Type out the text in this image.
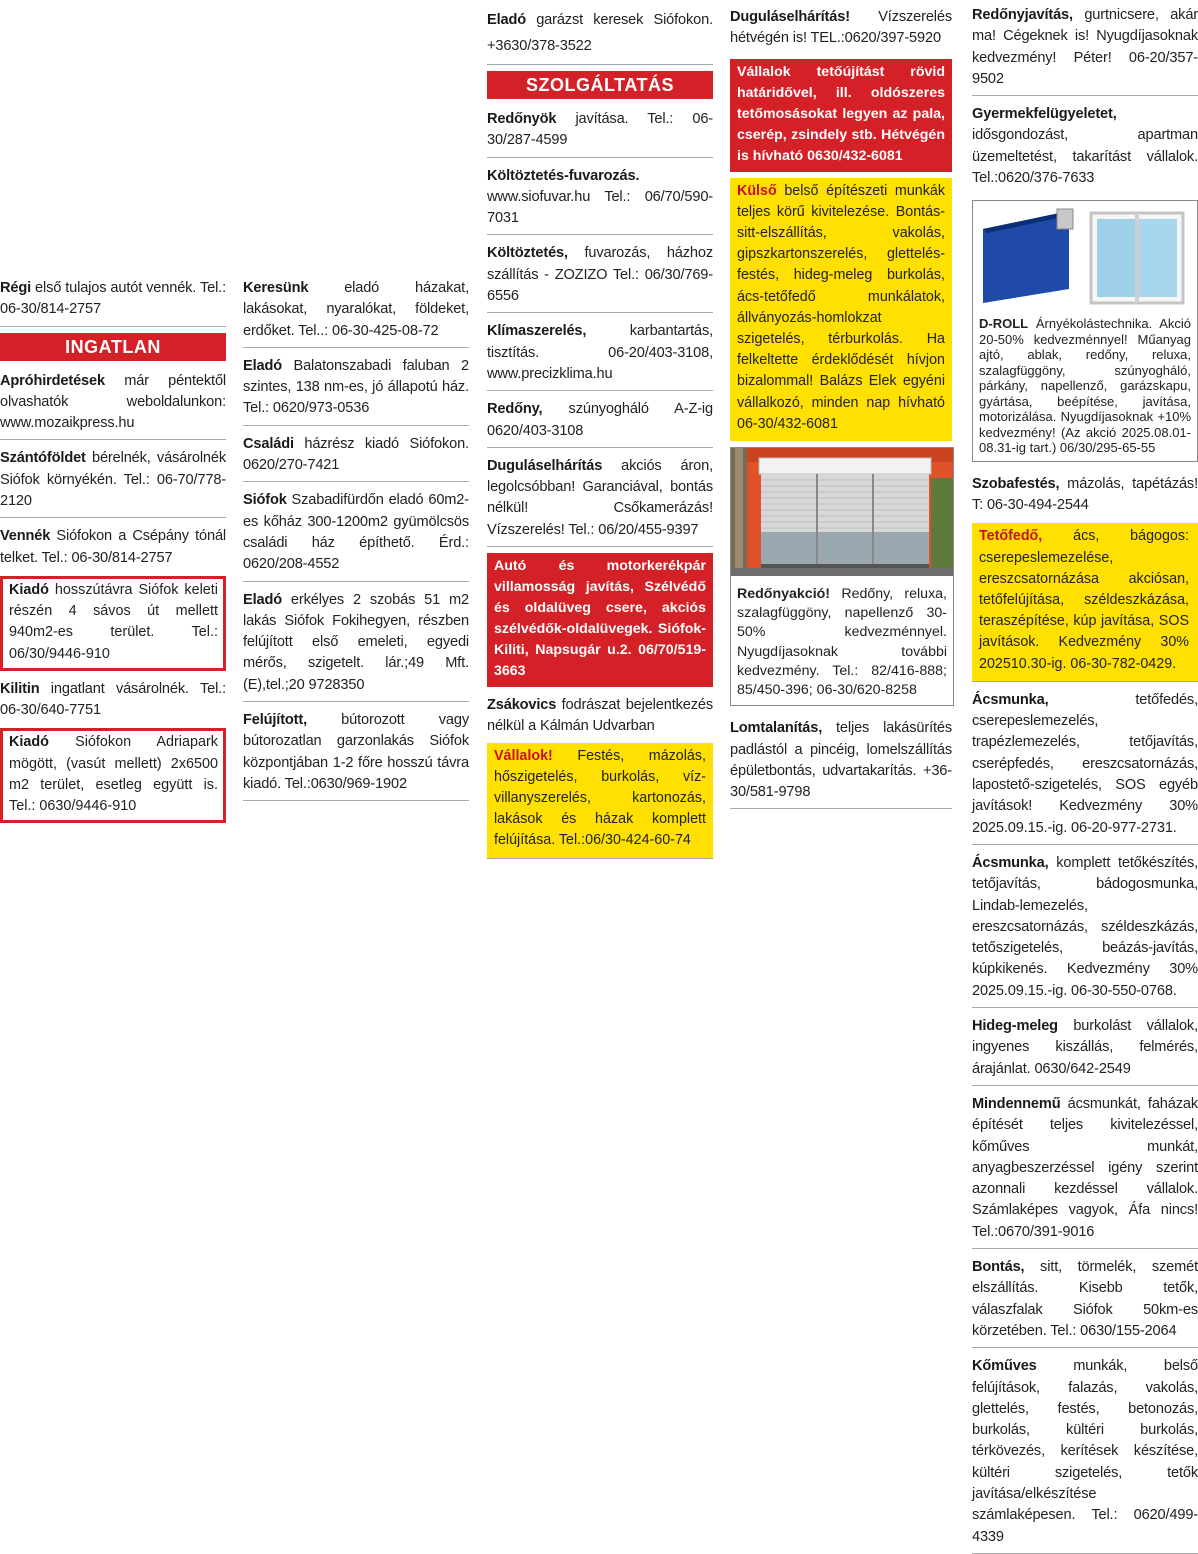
Régi első tulajos autót vennék. Tel.: 06-30/814-2757
INGATLAN
Apróhirdetések már péntektől olvashatók weboldalunkon: www.mozaikpress.hu
Szántóföldet bérelnék, vásárolnék Siófok környékén. Tel.: 06-70/778-2120
Vennék Siófokon a Csépány tónál telket. Tel.: 06-30/814-2757
Kiadó hosszútávra Siófok keleti részén 4 sávos út mellett 940m2-es terület. Tel.: 06/30/9446-910
Kilitin ingatlant vásárolnék. Tel.: 06-30/640-7751
Kiadó Siófokon Adriapark mögött, (vasút mellett) 2x6500 m2 terület, esetleg együtt is. Tel.: 0630/9446-910
Keresünk eladó házakat, lakásokat, nyaralókat, földeket, erdőket. Tel..: 06-30-425-08-72
Eladó Balatonszabadi faluban 2 szintes, 138 nm-es, jó állapotú ház. Tel.: 0620/973-0536
Családi házrész kiadó Siófokon. 0620/270-7421
Siófok Szabadifürdőn eladó 60m2-es kőház 300-1200m2 gyümölcsös családi ház építhető. Érd.: 0620/208-4552
Eladó erkélyes 2 szobás 51 m2 lakás Siófok Fokihegyen, részben felújított első emeleti, egyedi mérős, szigetelt. lár.;49 Mft. (E),tel.;20 9728350
Felújított, bútorozott vagy bútorozatlan garzonlakás Siófok központjában 1-2 főre hosszú távra kiadó. Tel.:0630/969-1902
Eladó garázst keresek Siófokon. +3630/378-3522
SZOLGÁLTATÁS
Redőnyök javítása. Tel.: 06-30/287-4599
Költöztetés-fuvarozás. www.siofuvar.hu Tel.: 06/70/590-7031
Költöztetés, fuvarozás, házhoz szállítás - ZOZIZO Tel.: 06/30/769-6556
Klímaszerelés, karbantartás, tisztítás. 06-20/403-3108, www.precizklima.hu
Redőny, szúnyogháló A-Z-ig 0620/403-3108
Duguláselhárítás akciós áron, legolcsóbban! Garanciával, bontás nélkül! Csőkamerázás! Vízszerelés! Tel.: 06/20/455-9397
Autó és motorkerékpár villamosság javítás, Szélvédő és oldalüveg csere, akciós szélvédők-oldalüvegek. Siófok-Kiliti, Napsugár u.2. 06/70/519-3663
Zsákovics fodrászat bejelentkezés nélkül a Kálmán Udvarban
Vállalok! Festés, mázolás, hőszigetelés, burkolás, víz-villanyszerelés, kartonozás, lakások és házak komplett felújítása. Tel.:06/30-424-60-74
Duguláselhárítás! Vízszerelés hétvégén is! TEL.:0620/397-5920
Vállalok tetőújítást rövid határidővel, ill. oldószeres tetőmosásokat legyen az pala, cserép, zsindely stb. Hétvégén is hívható 0630/432-6081
Külső belső építészeti munkák teljes körű kivitelezése. Bontás-sitt-elszállítás, vakolás, gipszkartonszerelés, glettelés-festés, hideg-meleg burkolás, ács-tetőfedő munkálatok, állványozás-homlokzat szigetelés, térburkolás. Ha felkeltette érdeklődését hívjon bizalommal! Balázs Elek egyéni vállalkozó, minden nap hívható 06-30/432-6081
Redőnyakció! Redőny, reluxa, szalagfüggöny, napellenző 30-50% kedvezménnyel. Nyugdíjasoknak további kedvezmény. Tel.: 82/416-888; 85/450-396; 06-30/620-8258
Lomtalanítás, teljes lakásürítés padlástól a pincéig, lomelszállítás épületbontás, udvartakarítás. +36-30/581-9798
Redőnyjavítás, gurtnicsere, akár ma! Cégeknek is! Nyugdíjasoknak kedvezmény! Péter! 06-20/357-9502
Gyermekfelügyeletet, idősgondozást, apartman üzemeltetést, takarítást vállalok. Tel.:0620/376-7633
D-ROLL Árnyékolástechnika. Akció 20-50% kedvezménnyel! Műanyag ajtó, ablak, redőny, reluxa, szalagfüggöny, szúnyogháló, párkány, napellenző, garázskapu, gyártása, beépítése, javítása, motorizálása. Nyugdíjasoknak +10% kedvezmény! (Az akció 2025.08.01-08.31-ig tart.) 06/30/295-65-55
Szobafestés, mázolás, tapétázás! T: 06-30-494-2544
Tetőfedő, ács, bágogos: cserepeslemezelése, ereszcsatornázása akciósan, tetőfelújítása, széldeszkázása, teraszépítése, kúp javítása, SOS javítások. Kedvezmény 30% 202510.30-ig. 06-30-782-0429.
Ácsmunka, tetőfedés, cserepeslemezelés, trapézlemezelés, tetőjavítás, cserépfedés, ereszcsatornázás, lapostető-szigetelés, SOS egyéb javítások! Kedvezmény 30% 2025.09.15.-ig. 06-20-977-2731.
Ácsmunka, komplett tetőkészítés, tetőjavítás, bádogosmunka, Lindab-lemezelés, ereszcsatornázás, széldeszkázás, tetőszigetelés, beázás-javítás, kúpkikenés. Kedvezmény 30% 2025.09.15.-ig. 06-30-550-0768.
Hideg-meleg burkolást vállalok, ingyenes kiszállás, felmérés, árajánlat. 0630/642-2549
Mindennemű ácsmunkát, faházak építését teljes kivitelezéssel, kőműves munkát, anyagbeszerzéssel igény szerint azonnali kezdéssel vállalok. Számlaképes vagyok, Áfa nincs! Tel.:0670/391-9016
Bontás, sitt, törmelék, szemét elszállítás. Kisebb tetők, válaszfalak Siófok 50km-es körzetében. Tel.: 0630/155-2064
Kőműves munkák, belső felújítások, falazás, vakolás, glettelés, festés, betonozás, burkolás, kültéri burkolás, térkövezés, kerítések készítése, kültéri szigetelés, tetők javítása/elkészítése számlaképesen. Tel.: 0620/499-4339
